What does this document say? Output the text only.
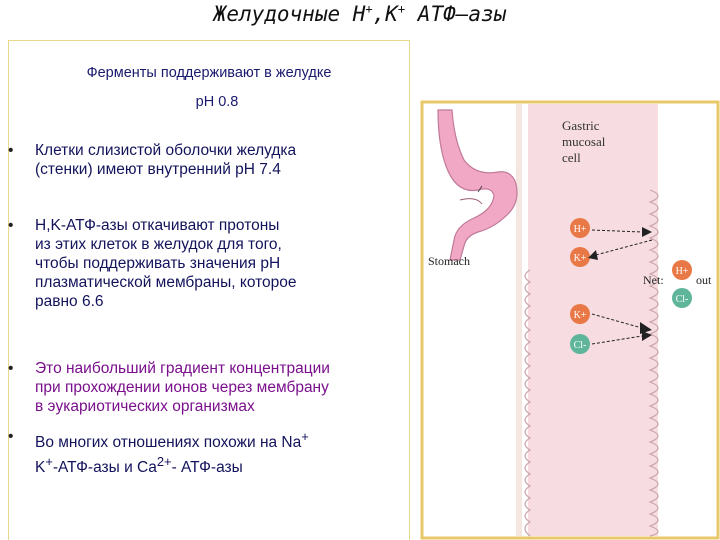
Желудочные H+,K+ АТФ–азы
Ферменты поддерживают в желудке
pH 0.8
• Клетки слизистой оболочки желудка
(стенки) имеют внутренний pH 7.4
• H,K-АТФ-азы откачивают протоны
из этих клеток в желудок для того,
чтобы поддерживать значения pH
плазматической мембраны, которое
равно 6.6
• Это наибольший градиент концентрации
при прохождении ионов через мембрану
в эукариотических организмах
• Во многих отношениях похожи на Na+
K+-АТФ-азы и $Ca^{2+}-$ АТФ-азы
Stomach
Gastric
mucosal
cell
H+
K+
K+
Cl-
Net:
H+
Cl-
out
